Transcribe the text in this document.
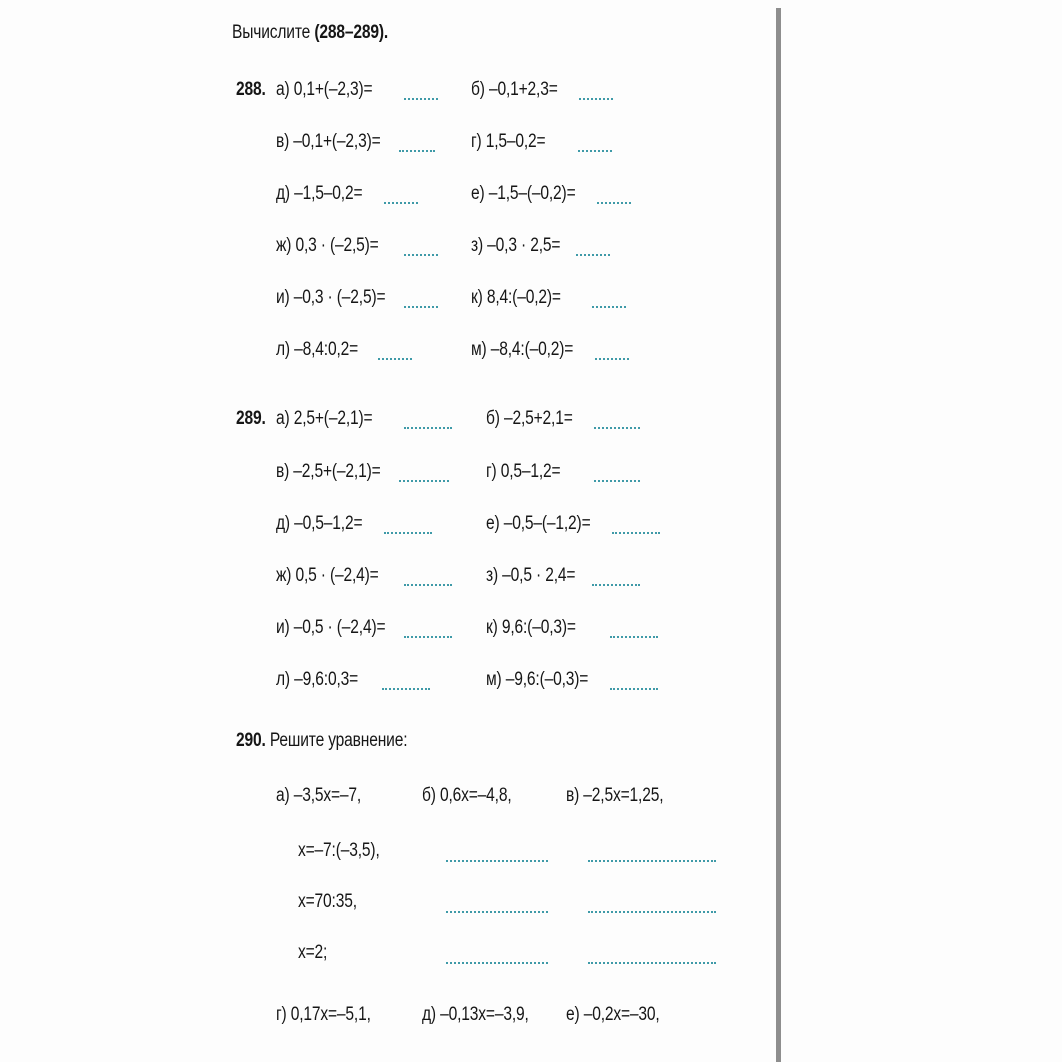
Вычислите (288–289).
288. а) 0,1+(–2,3)=	б) –0,1+2,3=
в) –0,1+(–2,3)=	г) 1,5–0,2=
д) –1,5–0,2=	е) –1,5–(–0,2)=
ж) 0,3 · (–2,5)=	з) –0,3 · 2,5=
и) –0,3 · (–2,5)=	к) 8,4:(–0,2)=
л) –8,4:0,2=	м) –8,4:(–0,2)=
289. а) 2,5+(–2,1)=	б) –2,5+2,1=
в) –2,5+(–2,1)=	г) 0,5–1,2=
д) –0,5–1,2=	е) –0,5–(–1,2)=
ж) 0,5 · (–2,4)=	з) –0,5 · 2,4=
и) –0,5 · (–2,4)=	к) 9,6:(–0,3)=
л) –9,6:0,3=	м) –9,6:(–0,3)=
290. Решите уравнение:
а) –3,5x=–7,	б) 0,6x=–4,8,	в) –2,5x=1,25,
x=–7:(–3,5),
x=70:35,
x=2;
г) 0,17x=–5,1,	д) –0,13x=–3,9, е) –0,2x=–30,
